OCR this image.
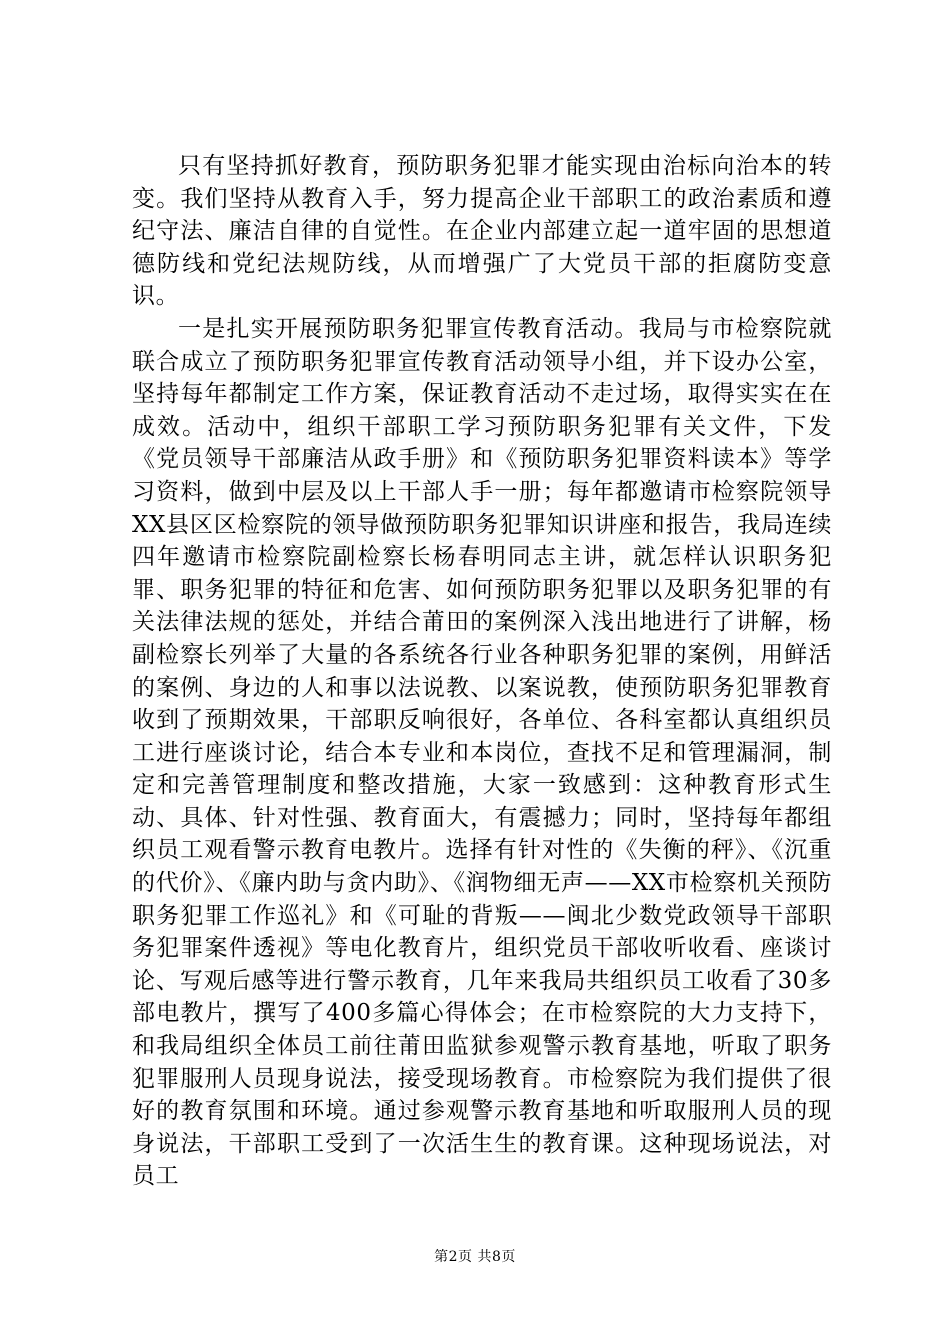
只有坚持抓好教育，预防职务犯罪才能实现由治标向治本的转变。我们坚持从教育入手，努力提高企业干部职工的政治素质和遵纪守法、廉洁自律的自觉性。在企业内部建立起一道牢固的思想道德防线和党纪法规防线，从而增强广了大党员干部的拒腐防变意识。

一是扎实开展预防职务犯罪宣传教育活动。我局与市检察院就联合成立了预防职务犯罪宣传教育活动领导小组，并下设办公室，坚持每年都制定工作方案，保证教育活动不走过场，取得实实在在成效。活动中，组织干部职工学习预防职务犯罪有关文件，下发《党员领导干部廉洁从政手册》和《预防职务犯罪资料读本》等学习资料，做到中层及以上干部人手一册；每年都邀请市检察院领导XX县区区检察院的领导做预防职务犯罪知识讲座和报告，我局连续四年邀请市检察院副检察长杨春明同志主讲，就怎样认识职务犯罪、职务犯罪的特征和危害、如何预防职务犯罪以及职务犯罪的有关法律法规的惩处，并结合莆田的案例深入浅出地进行了讲解，杨副检察长列举了大量的各系统各行业各种职务犯罪的案例，用鲜活的案例、身边的人和事以法说教、以案说教，使预防职务犯罪教育收到了预期效果，干部职反响很好，各单位、各科室都认真组织员工进行座谈讨论，结合本专业和本岗位，查找不足和管理漏洞，制定和完善管理制度和整改措施，大家一致感到：这种教育形式生动、具体、针对性强、教育面大，有震撼力；同时，坚持每年都组织员工观看警示教育电教片。选择有针对性的《失衡的秤》、《沉重的代价》、《廉内助与贪内助》、《润物细无声——XX市检察机关预防职务犯罪工作巡礼》和《可耻的背叛——闽北少数党政领导干部职务犯罪案件透视》等电化教育片，组织党员干部收听收看、座谈讨论、写观后感等进行警示教育，几年来我局共组织员工收看了30多部电教片，撰写了400多篇心得体会；在市检察院的大力支持下，和我局组织全体员工前往莆田监狱参观警示教育基地，听取了职务犯罪服刑人员现身说法，接受现场教育。市检察院为我们提供了很好的教育氛围和环境。通过参观警示教育基地和听取服刑人员的现身说法，干部职工受到了一次活生生的教育课。这种现场说法，对员工

第2页 共8页
